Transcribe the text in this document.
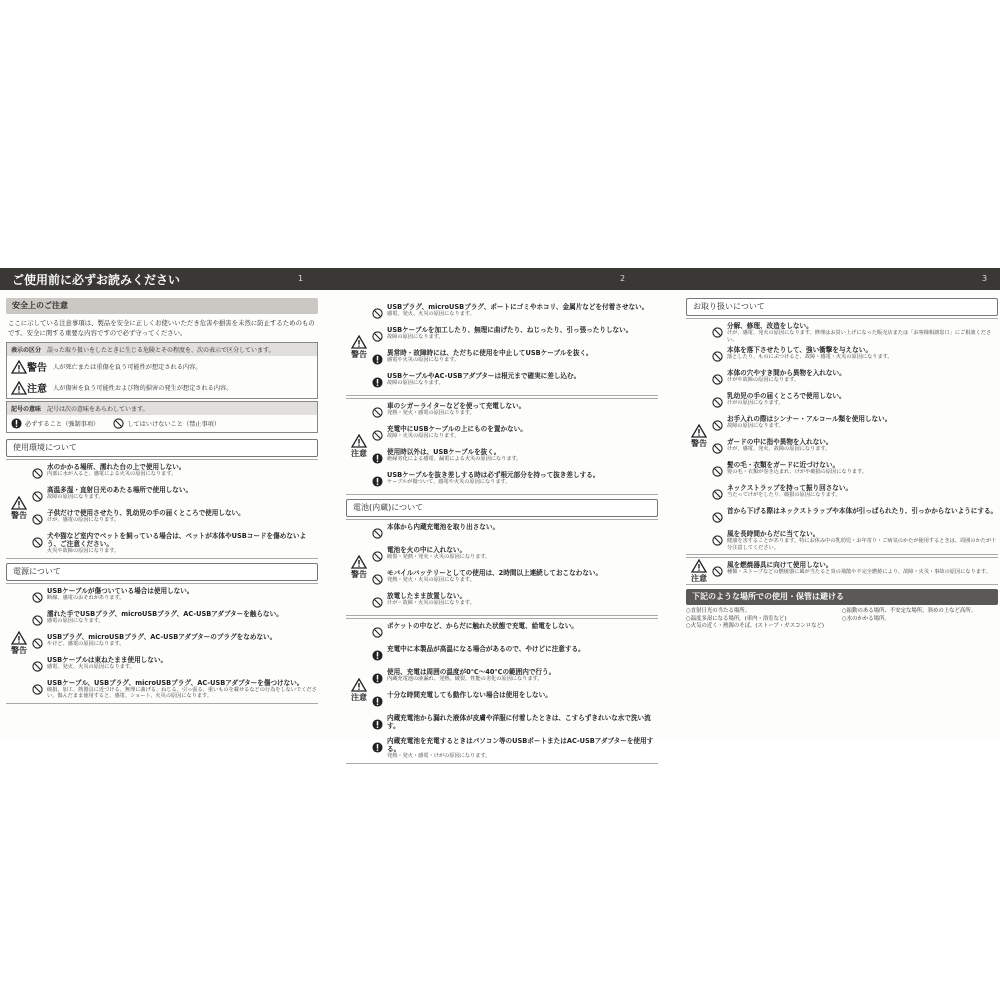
ご使用前に必ずお読みください	1	2	3
安全上のご注意
ここに示している注意事項は、製品を安全に正しくお使いいただき危害や損害を未然に防止するためのものです。安全に関する重要な内容ですので必ず守ってください。
表示の区分　 誤った取り扱いをしたときに生じる危険とその程度を、次の表示で区分しています。
警告 人が死亡または重傷を負う可能性が想定される内容。
注意 人が傷害を負う可能性および物的損害の発生が想定される内容。
記号の意味　 記号は次の意味をあらわしています。
必ずすること（強制事項）	してはいけないこと（禁止事項）
使用環境について
警告
水のかかる場所、濡れた台の上で使用しない。
内部に水が入ると、感電による火災の原因になります。
高温多湿・直射日光のあたる場所で使用しない。
故障の原因になります。
子供だけで使用させたり、乳幼児の手の届くところで使用しない。
けが、感電の原因になります。
犬や猫など室内でペットを飼っている場合は、ペットが本体やUSBコードを傷めないよう、ご注意ください。
火災や故障の原因になります。
電源について
警告
USBケーブルが傷ついている場合は使用しない。
断線、感電のおそれがあります。
濡れた手でUSBプラグ、microUSBプラグ、AC-USBアダプターを触らない。
感電の原因になります。
USBプラグ、microUSBプラグ、AC-USBアダプターのプラグをなめない。
やけど、感電の原因になります。
USBケーブルは束ねたまま使用しない。
感電、発火、火災の原因になります。
USBケーブル、USBプラグ、microUSBプラグ、AC-USBアダプターを傷つけない。
破損、加工、熱器具に近づける、無理に曲げる、ねじる、引っ張る、重いものを載せるなどの行為をしないでください。傷んだまま使用すると、感電、ショート、火災の原因になります。
警告
USBプラグ、microUSBプラグ、ポートにゴミやホコリ、金属片などを付着させない。
感電、発火、火災の原因になります。
USBケーブルを加工したり、無理に曲げたり、ねじったり、引っ張ったりしない。
故障の原因になります。
異常時・故障時には、ただちに使用を中止してUSBケーブルを抜く。
感電や火災の原因になります。
USBケーブルやAC-USBアダプターは根元まで確実に差し込む。
故障の原因になります。
注意
車のシガーライターなどを使って充電しない。
発熱・発火・感電の原因になります。
充電中にUSBケーブルの上にものを置かない。
故障・火災の原因になります。
使用時以外は、USBケーブルを抜く。
絶縁劣化による感電、漏電による火災の原因になります。
USBケーブルを抜き差しする時は必ず根元部分を持って抜き差しする。
ケーブルが傷ついて、感電や火災の原因になります。
電池(内蔵)について
警告
本体から内蔵充電池を取り出さない。
電池を火の中に入れない。
破裂・発熱・発火・火災の原因になります。
モバイルバッテリーとしての使用は、2時間以上連続しておこなわない。
発熱・発火・火災の原因になります。
放電したまま放置しない。
けが・故障・火災の原因になります。
注意
ポケットの中など、からだに触れた状態で充電、給電をしない。
充電中に本製品が高温になる場合があるので、やけどに注意する。
使用、充電は周囲の温度が0℃〜40℃の範囲内で行う。
内蔵充電池の液漏れ、発熱、破裂、性能の劣化の原因になります。
十分な時間充電しても動作しない場合は使用をしない。
内蔵充電池から漏れた液体が皮膚や洋服に付着したときは、こすらずきれいな水で洗い流す。
内蔵充電池を充電するときはパソコン等のUSBポートまたはAC-USBアダプターを使用する。
発熱・発火・感電・けがの原因になります。
お取り扱いについて
警告
分解、修理、改造をしない。
けが、感電、発火の原因になります。修理はお買い上げになった販売店または「お客様相談窓口」にご相談ください。
本体を落下させたりして、強い衝撃を与えない。
落としたり、ものにぶつけると、故障・感電・火災の原因になります。
本体の穴やすき間から異物を入れない。
けがや故障の原因になります。
乳幼児の手の届くところで使用しない。
けがの原因になります。
お手入れの際はシンナー・アルコール類を使用しない。
故障の原因になります。
ガードの中に指や異物を入れない。
けが、感電、発火、故障の原因になります。
髪の毛・衣類をガードに近づけない。
髪の毛・衣類が巻き込まれ、けがや破損の原因になります。
ネックストラップを持って振り回さない。
当たってけがをしたり、破損の原因になります。
首から下げる際はネックストラップや本体が引っぱられたり、引っかからないようにする。
風を長時間からだに当てない。
健康を害することがあります。特にお休み中の乳幼児・お年寄り・ご病気のかたが使用するときは、周囲のかたが十分注意してください。
注意
風を燃焼器具に向けて使用しない。
種類・ストーブなどの燃焼器に風が当たると炎の飛散や不完全燃焼により、故障・火災・事故の原因になります。
下記のような場所での使用・保管は避ける
○直射日光の当たる場所。
○温度多湿になる場所。(車内・浴室など)
○火気の近く・熱源のそば。(ストーブ・ガスコンロなど)
○振動のある場所、不安定な場所、斜めの上など高所。
○水のかかる場所。
